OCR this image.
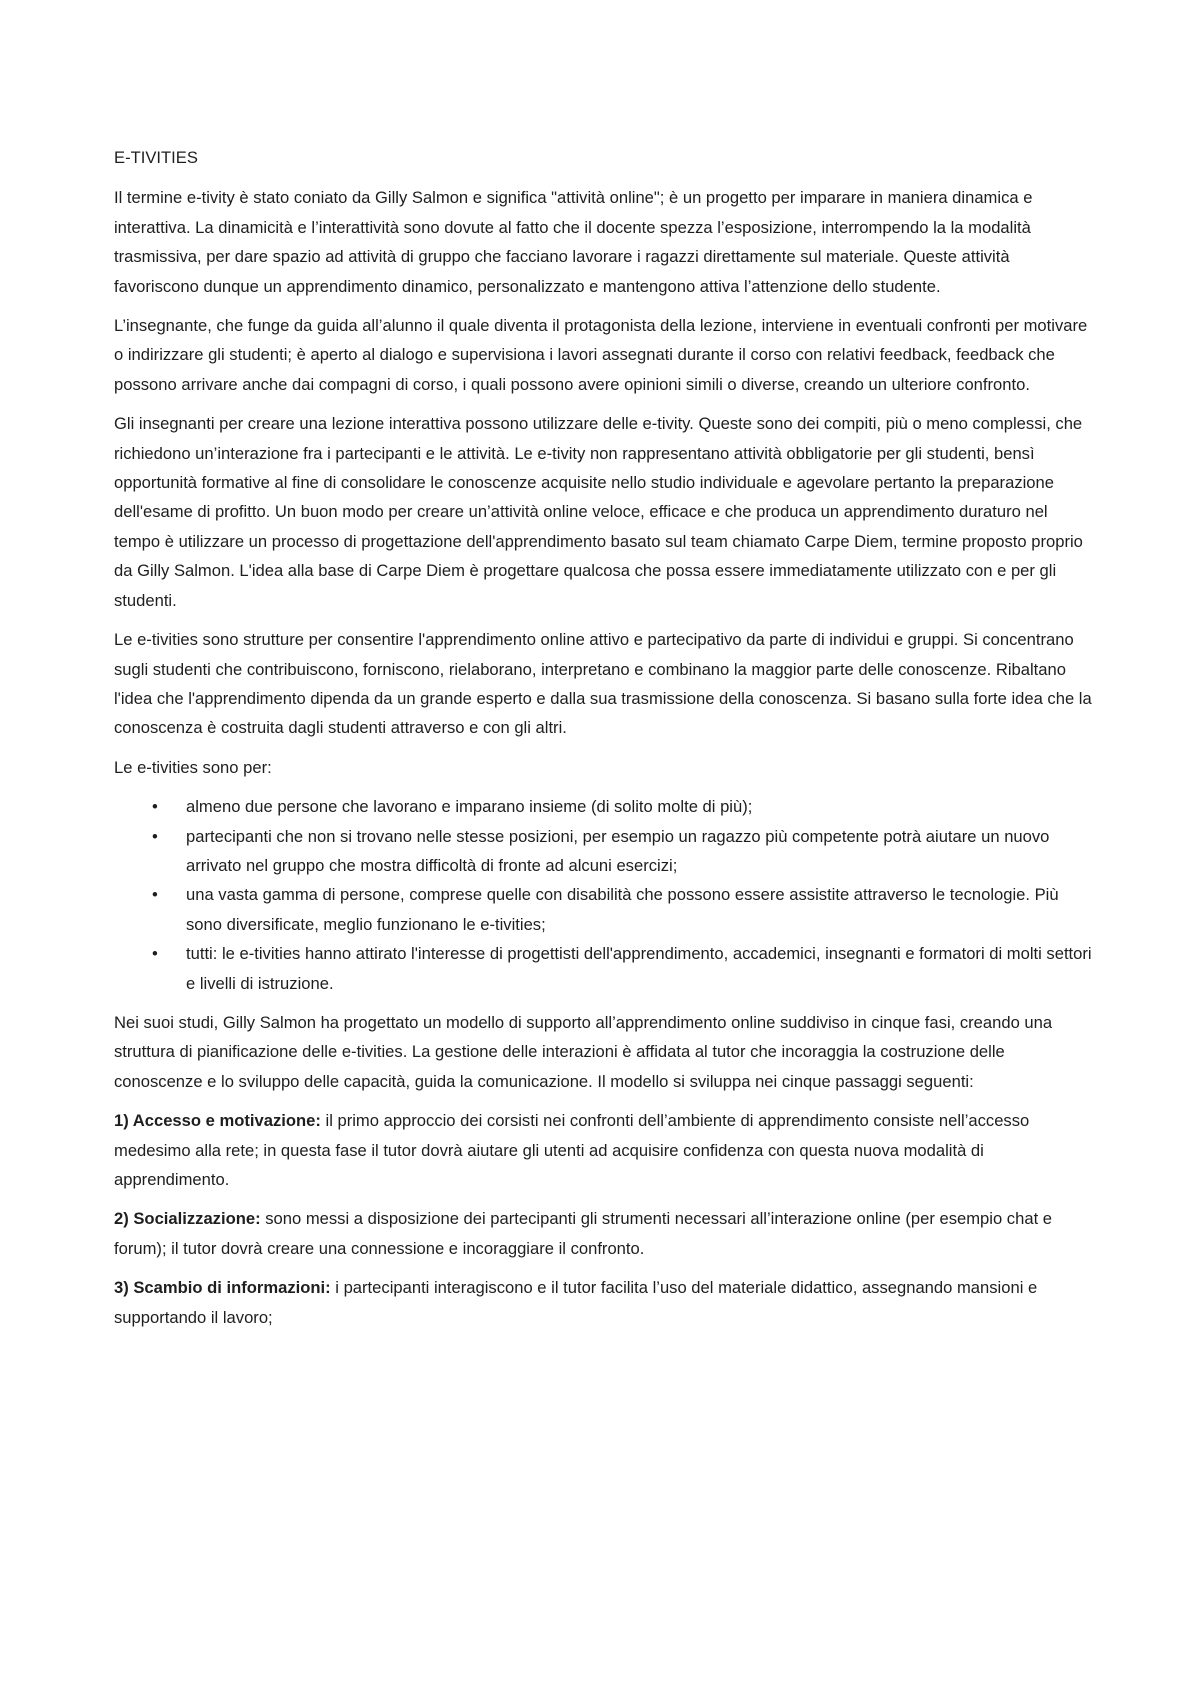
E-TIVITIES

Il termine e-tivity è stato coniato da Gilly Salmon e significa "attività online"; è un progetto per imparare in maniera dinamica e interattiva. La dinamicità e l’interattività sono dovute al fatto che il docente spezza l’esposizione, interrompendo la la modalità trasmissiva, per dare spazio ad attività di gruppo che facciano lavorare i ragazzi direttamente sul materiale. Queste attività favoriscono dunque un apprendimento dinamico, personalizzato e mantengono attiva l’attenzione dello studente.

L’insegnante, che funge da guida all’alunno il quale diventa il protagonista della lezione, interviene in eventuali confronti per motivare o indirizzare gli studenti; è aperto al dialogo e supervisiona i lavori assegnati durante il corso con relativi feedback, feedback che possono arrivare anche dai compagni di corso, i quali possono avere opinioni simili o diverse, creando un ulteriore confronto.

Gli insegnanti per creare una lezione interattiva possono utilizzare delle e-tivity. Queste sono dei compiti, più o meno complessi, che richiedono un’interazione fra i partecipanti e le attività. Le e-tivity non rappresentano attività obbligatorie per gli studenti, bensì opportunità formative al fine di consolidare le conoscenze acquisite nello studio individuale e agevolare pertanto la preparazione dell'esame di profitto. Un buon modo per creare un’attività online veloce, efficace e che produca un apprendimento duraturo nel tempo è utilizzare un processo di progettazione dell'apprendimento basato sul team chiamato Carpe Diem, termine proposto proprio da Gilly Salmon. L'idea alla base di Carpe Diem è progettare qualcosa che possa essere immediatamente utilizzato con e per gli studenti.

Le e-tivities sono strutture per consentire l'apprendimento online attivo e partecipativo da parte di individui e gruppi. Si concentrano sugli studenti che contribuiscono, forniscono, rielaborano, interpretano e combinano la maggior parte delle conoscenze. Ribaltano l'idea che l'apprendimento dipenda da un grande esperto e dalla sua trasmissione della conoscenza. Si basano sulla forte idea che la conoscenza è costruita dagli studenti attraverso e con gli altri.

Le e-tivities sono per:

• almeno due persone che lavorano e imparano insieme (di solito molte di più);
• partecipanti che non si trovano nelle stesse posizioni, per esempio un ragazzo più competente potrà aiutare un nuovo arrivato nel gruppo che mostra difficoltà di fronte ad alcuni esercizi;
• una vasta gamma di persone, comprese quelle con disabilità che possono essere assistite attraverso le tecnologie. Più sono diversificate, meglio funzionano le e-tivities;
• tutti: le e-tivities hanno attirato l'interesse di progettisti dell'apprendimento, accademici, insegnanti e formatori di molti settori e livelli di istruzione.

Nei suoi studi, Gilly Salmon ha progettato un modello di supporto all’apprendimento online suddiviso in cinque fasi, creando una struttura di pianificazione delle e-tivities. La gestione delle interazioni è affidata al tutor che incoraggia la costruzione delle conoscenze e lo sviluppo delle capacità, guida la comunicazione. Il modello si sviluppa nei cinque passaggi seguenti:

1) Accesso e motivazione: il primo approccio dei corsisti nei confronti dell’ambiente di apprendimento consiste nell’accesso medesimo alla rete; in questa fase il tutor dovrà aiutare gli utenti ad acquisire confidenza con questa nuova modalità di apprendimento.

2) Socializzazione: sono messi a disposizione dei partecipanti gli strumenti necessari all’interazione online (per esempio chat e forum); il tutor dovrà creare una connessione e incoraggiare il confronto.

3) Scambio di informazioni: i partecipanti interagiscono e il tutor facilita l’uso del materiale didattico, assegnando mansioni e supportando il lavoro;
